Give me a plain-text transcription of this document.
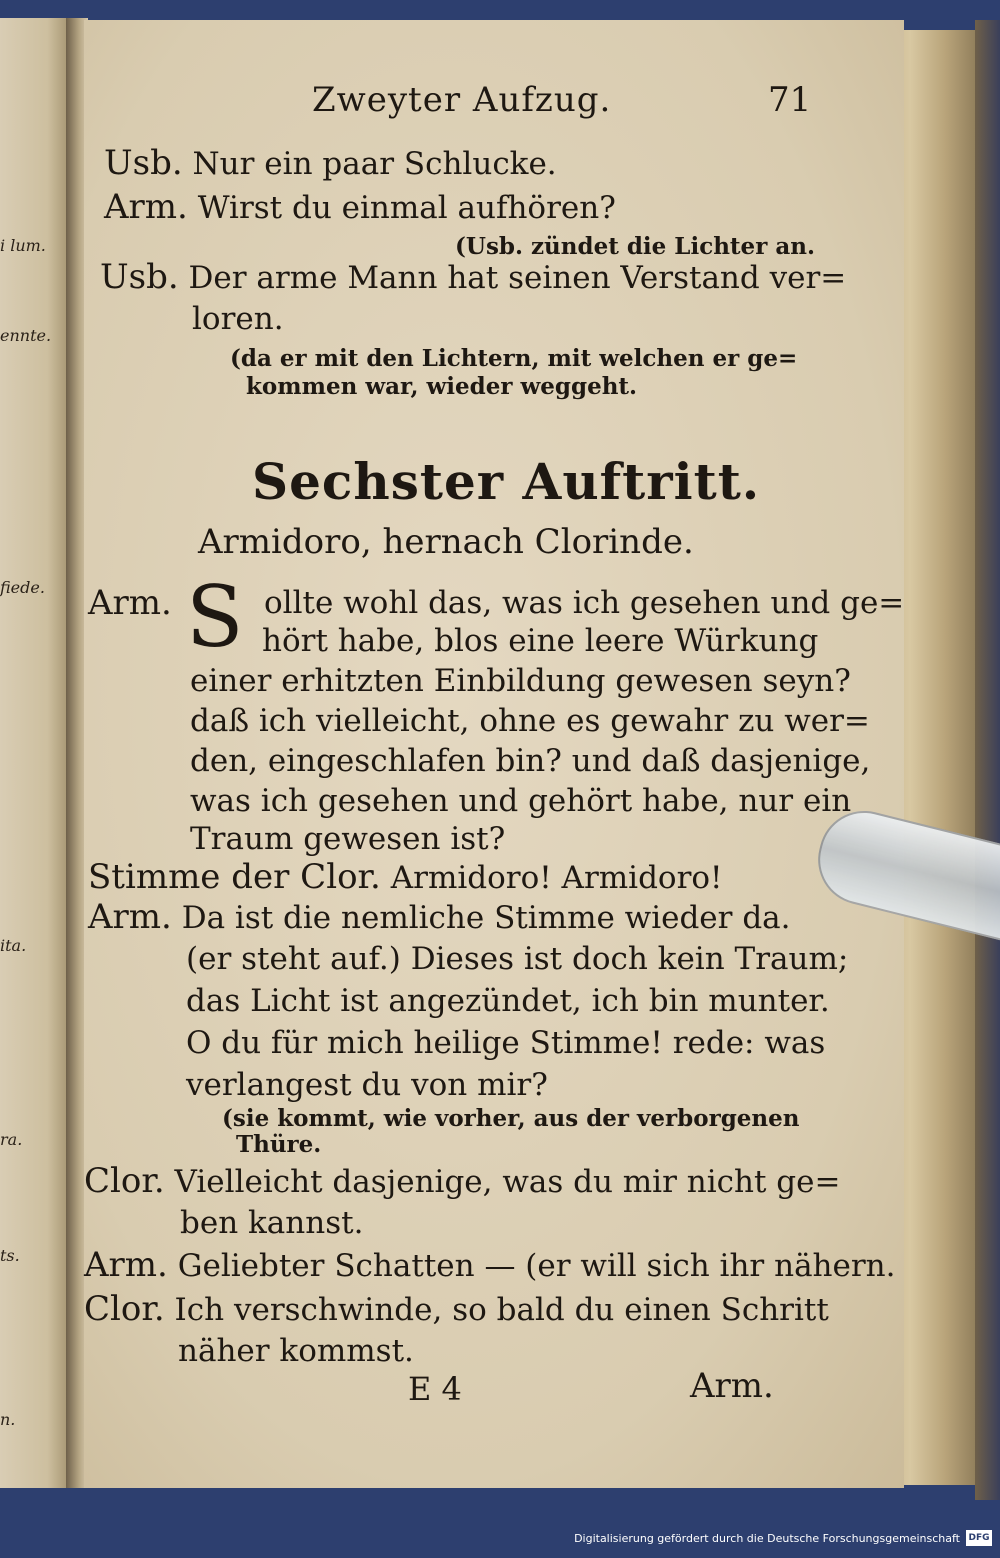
i lum.
ennte.
fiede.
ita.
ra.
ts.
n.
Zweyter Aufzug.	71
Usb. Nur ein paar Schlucke.
Arm. Wirst du einmal aufhören?
(Usb. zündet die Lichter an.
Usb. Der arme Mann hat seinen Verstand ver=
loren.
(da er mit den Lichtern, mit welchen er ge=
kommen war, wieder weggeht.
Sechster Auftritt.
Armidoro, hernach Clorinde.
Arm. S ollte wohl das, was ich gesehen und ge=
hört habe, blos eine leere Würkung
einer erhitzten Einbildung gewesen seyn?
daß ich vielleicht, ohne es gewahr zu wer=
den, eingeschlafen bin? und daß dasjenige,
was ich gesehen und gehört habe, nur ein
Traum gewesen ist?
Stimme der Clor. Armidoro! Armidoro!
Arm. Da ist die nemliche Stimme wieder da.
(er steht auf.) Dieses ist doch kein Traum;
das Licht ist angezündet, ich bin munter.
O du für mich heilige Stimme! rede: was
verlangest du von mir?
(sie kommt, wie vorher, aus der verborgenen
Thüre.
Clor. Vielleicht dasjenige, was du mir nicht ge=
ben kannst.
Arm. Geliebter Schatten — (er will sich ihr nähern.
Clor. Ich verschwinde, so bald du einen Schritt
näher kommst.
E 4	Arm.
Digitalisierung gefördert durch die Deutsche Forschungsgemeinschaft DFG
